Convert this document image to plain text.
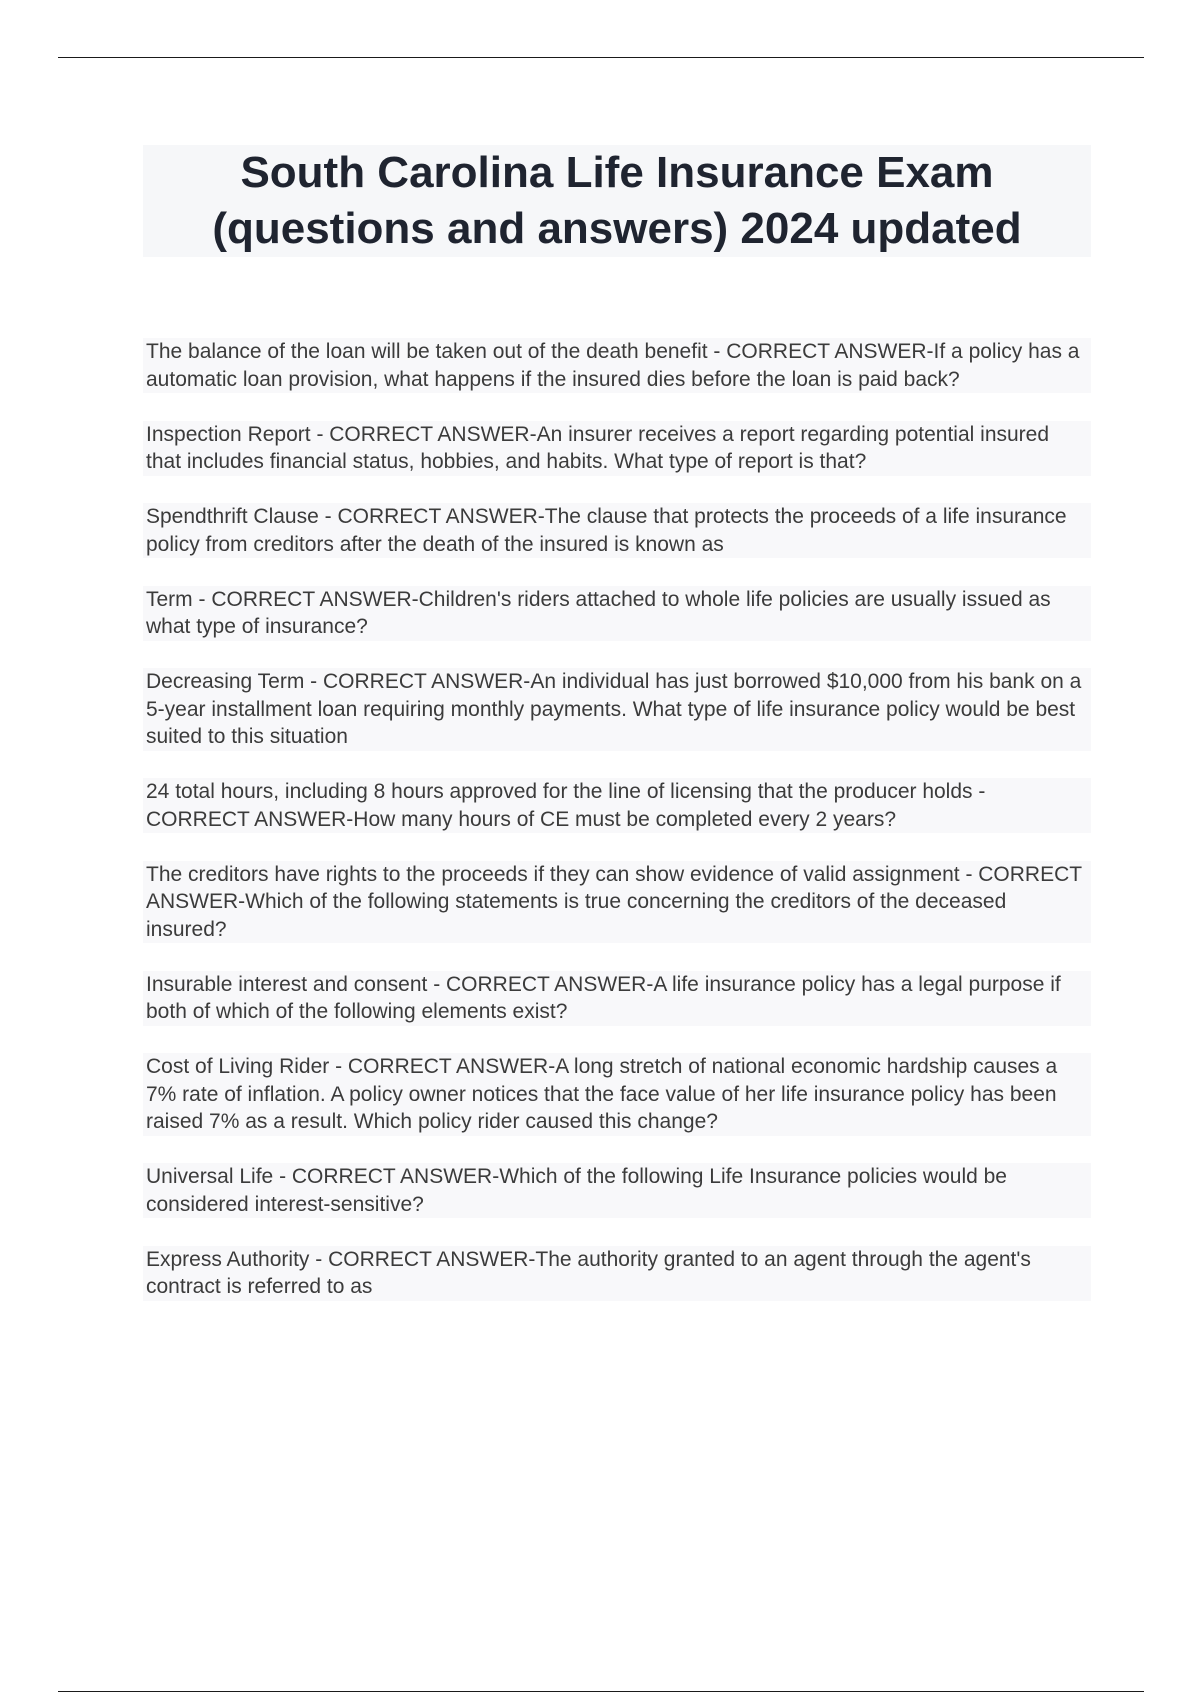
South Carolina Life Insurance Exam
(questions and answers) 2024 updated
The balance of the loan will be taken out of the death benefit - CORRECT ANSWER-If a policy has a automatic loan provision, what happens if the insured dies before the loan is paid back?
Inspection Report - CORRECT ANSWER-An insurer receives a report regarding potential insured that includes financial status, hobbies, and habits. What type of report is that?
Spendthrift Clause - CORRECT ANSWER-The clause that protects the proceeds of a life insurance policy from creditors after the death of the insured is known as
Term - CORRECT ANSWER-Children's riders attached to whole life policies are usually issued as what type of insurance?
Decreasing Term - CORRECT ANSWER-An individual has just borrowed $10,000 from his bank on a 5-year installment loan requiring monthly payments. What type of life insurance policy would be best suited to this situation
24 total hours, including 8 hours approved for the line of licensing that the producer holds - CORRECT ANSWER-How many hours of CE must be completed every 2 years?
The creditors have rights to the proceeds if they can show evidence of valid assignment - CORRECT ANSWER-Which of the following statements is true concerning the creditors of the deceased insured?
Insurable interest and consent - CORRECT ANSWER-A life insurance policy has a legal purpose if both of which of the following elements exist?
Cost of Living Rider - CORRECT ANSWER-A long stretch of national economic hardship causes a 7% rate of inflation. A policy owner notices that the face value of her life insurance policy has been raised 7% as a result. Which policy rider caused this change?
Universal Life - CORRECT ANSWER-Which of the following Life Insurance policies would be considered interest-sensitive?
Express Authority - CORRECT ANSWER-The authority granted to an agent through the agent's contract is referred to as
